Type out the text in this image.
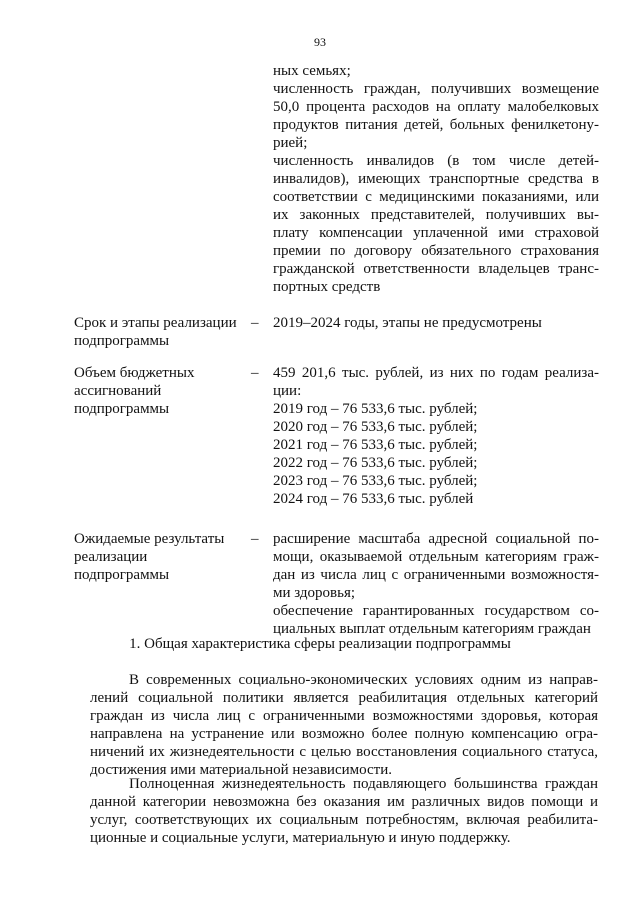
93
ных семьях;
численность граждан, получивших возмещение
50,0 процента расходов на оплату малобелковых
продуктов питания детей, больных фенилкетону-
рией;
численность инвалидов (в том числе детей-
инвалидов), имеющих транспортные средства в
соответствии с медицинскими показаниями, или
их законных представителей, получивших вы-
плату компенсации уплаченной ими страховой
премии по договору обязательного страхования
гражданской ответственности владельцев транс-
портных средств
Срок и этапы реализации
подпрограммы
– 2019–2024 годы, этапы не предусмотрены
Объем бюджетных
ассигнований
подпрограммы
– 459 201,6 тыс. рублей, из них по годам реализа-
ции:
2019 год – 76 533,6 тыс. рублей;
2020 год – 76 533,6 тыс. рублей;
2021 год – 76 533,6 тыс. рублей;
2022 год – 76 533,6 тыс. рублей;
2023 год – 76 533,6 тыс. рублей;
2024 год – 76 533,6 тыс. рублей
Ожидаемые результаты
реализации
подпрограммы
– расширение масштаба адресной социальной по-
мощи, оказываемой отдельным категориям граж-
дан из числа лиц с ограниченными возможностя-
ми здоровья;
обеспечение гарантированных государством со-
циальных выплат отдельным категориям граждан
1. Общая характеристика сферы реализации подпрограммы
В современных социально-экономических условиях одним из направ-
лений социальной политики является реабилитация отдельных категорий
граждан из числа лиц с ограниченными возможностями здоровья, которая
направлена на устранение или возможно более полную компенсацию огра-
ничений их жизнедеятельности с целью восстановления социального статуса,
достижения ими материальной независимости.
Полноценная жизнедеятельность подавляющего большинства граждан
данной категории невозможна без оказания им различных видов помощи и
услуг, соответствующих их социальным потребностям, включая реабилита-
ционные и социальные услуги, материальную и иную поддержку.
